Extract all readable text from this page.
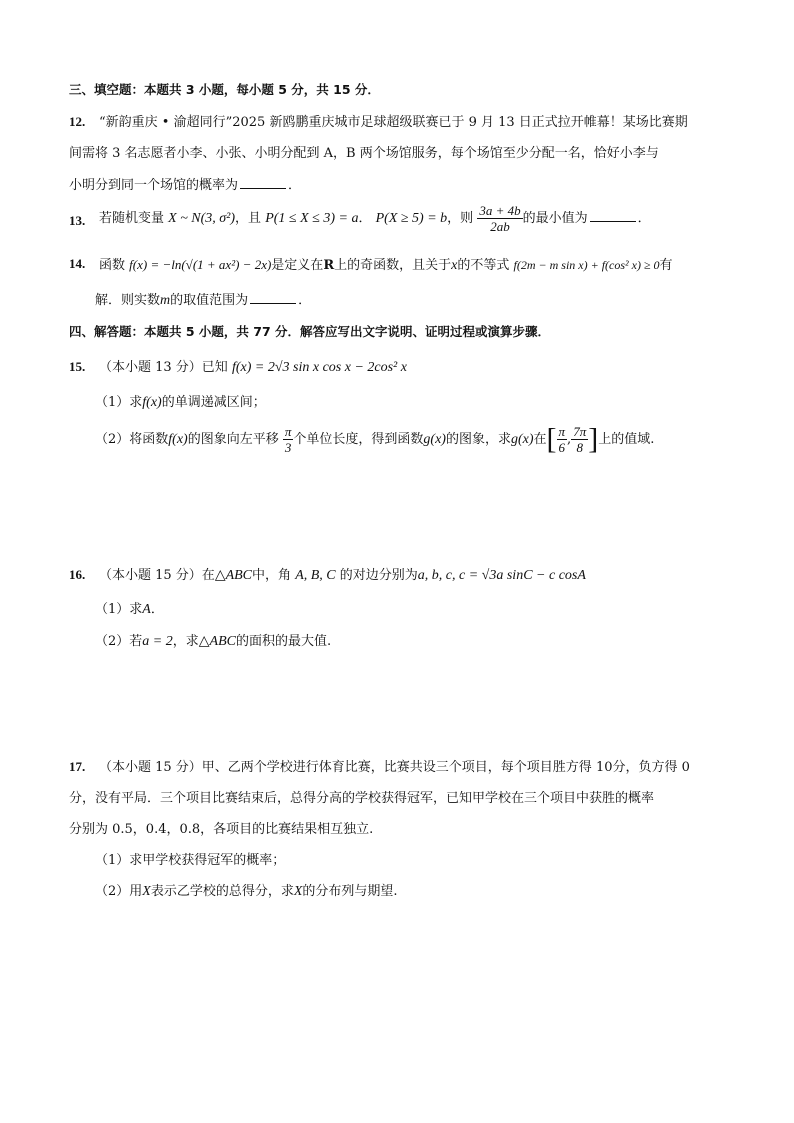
三、填空题：本题共 3 小题，每小题 5 分，共 15 分．
12. “新韵重庆 • 渝超同行”2025 新鸥鹏重庆城市足球超级联赛已于 9 月 13 日正式拉开帷幕！某场比赛期
间需将 3 名志愿者小李、小张、小明分配到 A，B 两个场馆服务，每个场馆至少分配一名，恰好小李与
小明分到同一个场馆的概率为	．
13. 若随机变量 X ~ N(3, σ²)，且 P(1 ≤ X ≤ 3) = a． P(X ≥ 5) = b，则 $\frac{3a + 4b}{2ab}$ 的最小值为	．
14. 函数 f(x) = −ln(√(1 + ax²) − 2x)是定义在R上的奇函数，且关于x的不等式 f(2m − m sin x) + f(cos² x) ≥ 0有
解．则实数m的取值范围为	．
四、解答题：本题共 5 小题，共 77 分．解答应写出文字说明、证明过程或演算步骤．
15. （本小题 13 分）已知 f(x) = 2√3 sin x cos x − 2cos² x
（1）求f(x)的单调递减区间；
（2）将函数f(x)的图象向左平移 $\frac{\pi}{3}$ 个单位长度，得到函数g(x)的图象，求g(x)在[ $\frac{\pi}{6}$ , $\frac{7\pi}{8}$ ]上的值域.
16. （本小题 15 分）在△ABC中，角 A, B, C 的对边分别为a, b, c, c = √3a sinC − c cosA
（1）求A．
（2）若a = 2，求△ABC的面积的最大值.
17. （本小题 15 分）甲、乙两个学校进行体育比赛，比赛共设三个项目，每个项目胜方得 10分，负方得 0
分，没有平局．三个项目比赛结束后，总得分高的学校获得冠军，已知甲学校在三个项目中获胜的概率
分别为 0.5，0.4，0.8，各项目的比赛结果相互独立.
（1）求甲学校获得冠军的概率；
（2）用X表示乙学校的总得分，求X的分布列与期望.
